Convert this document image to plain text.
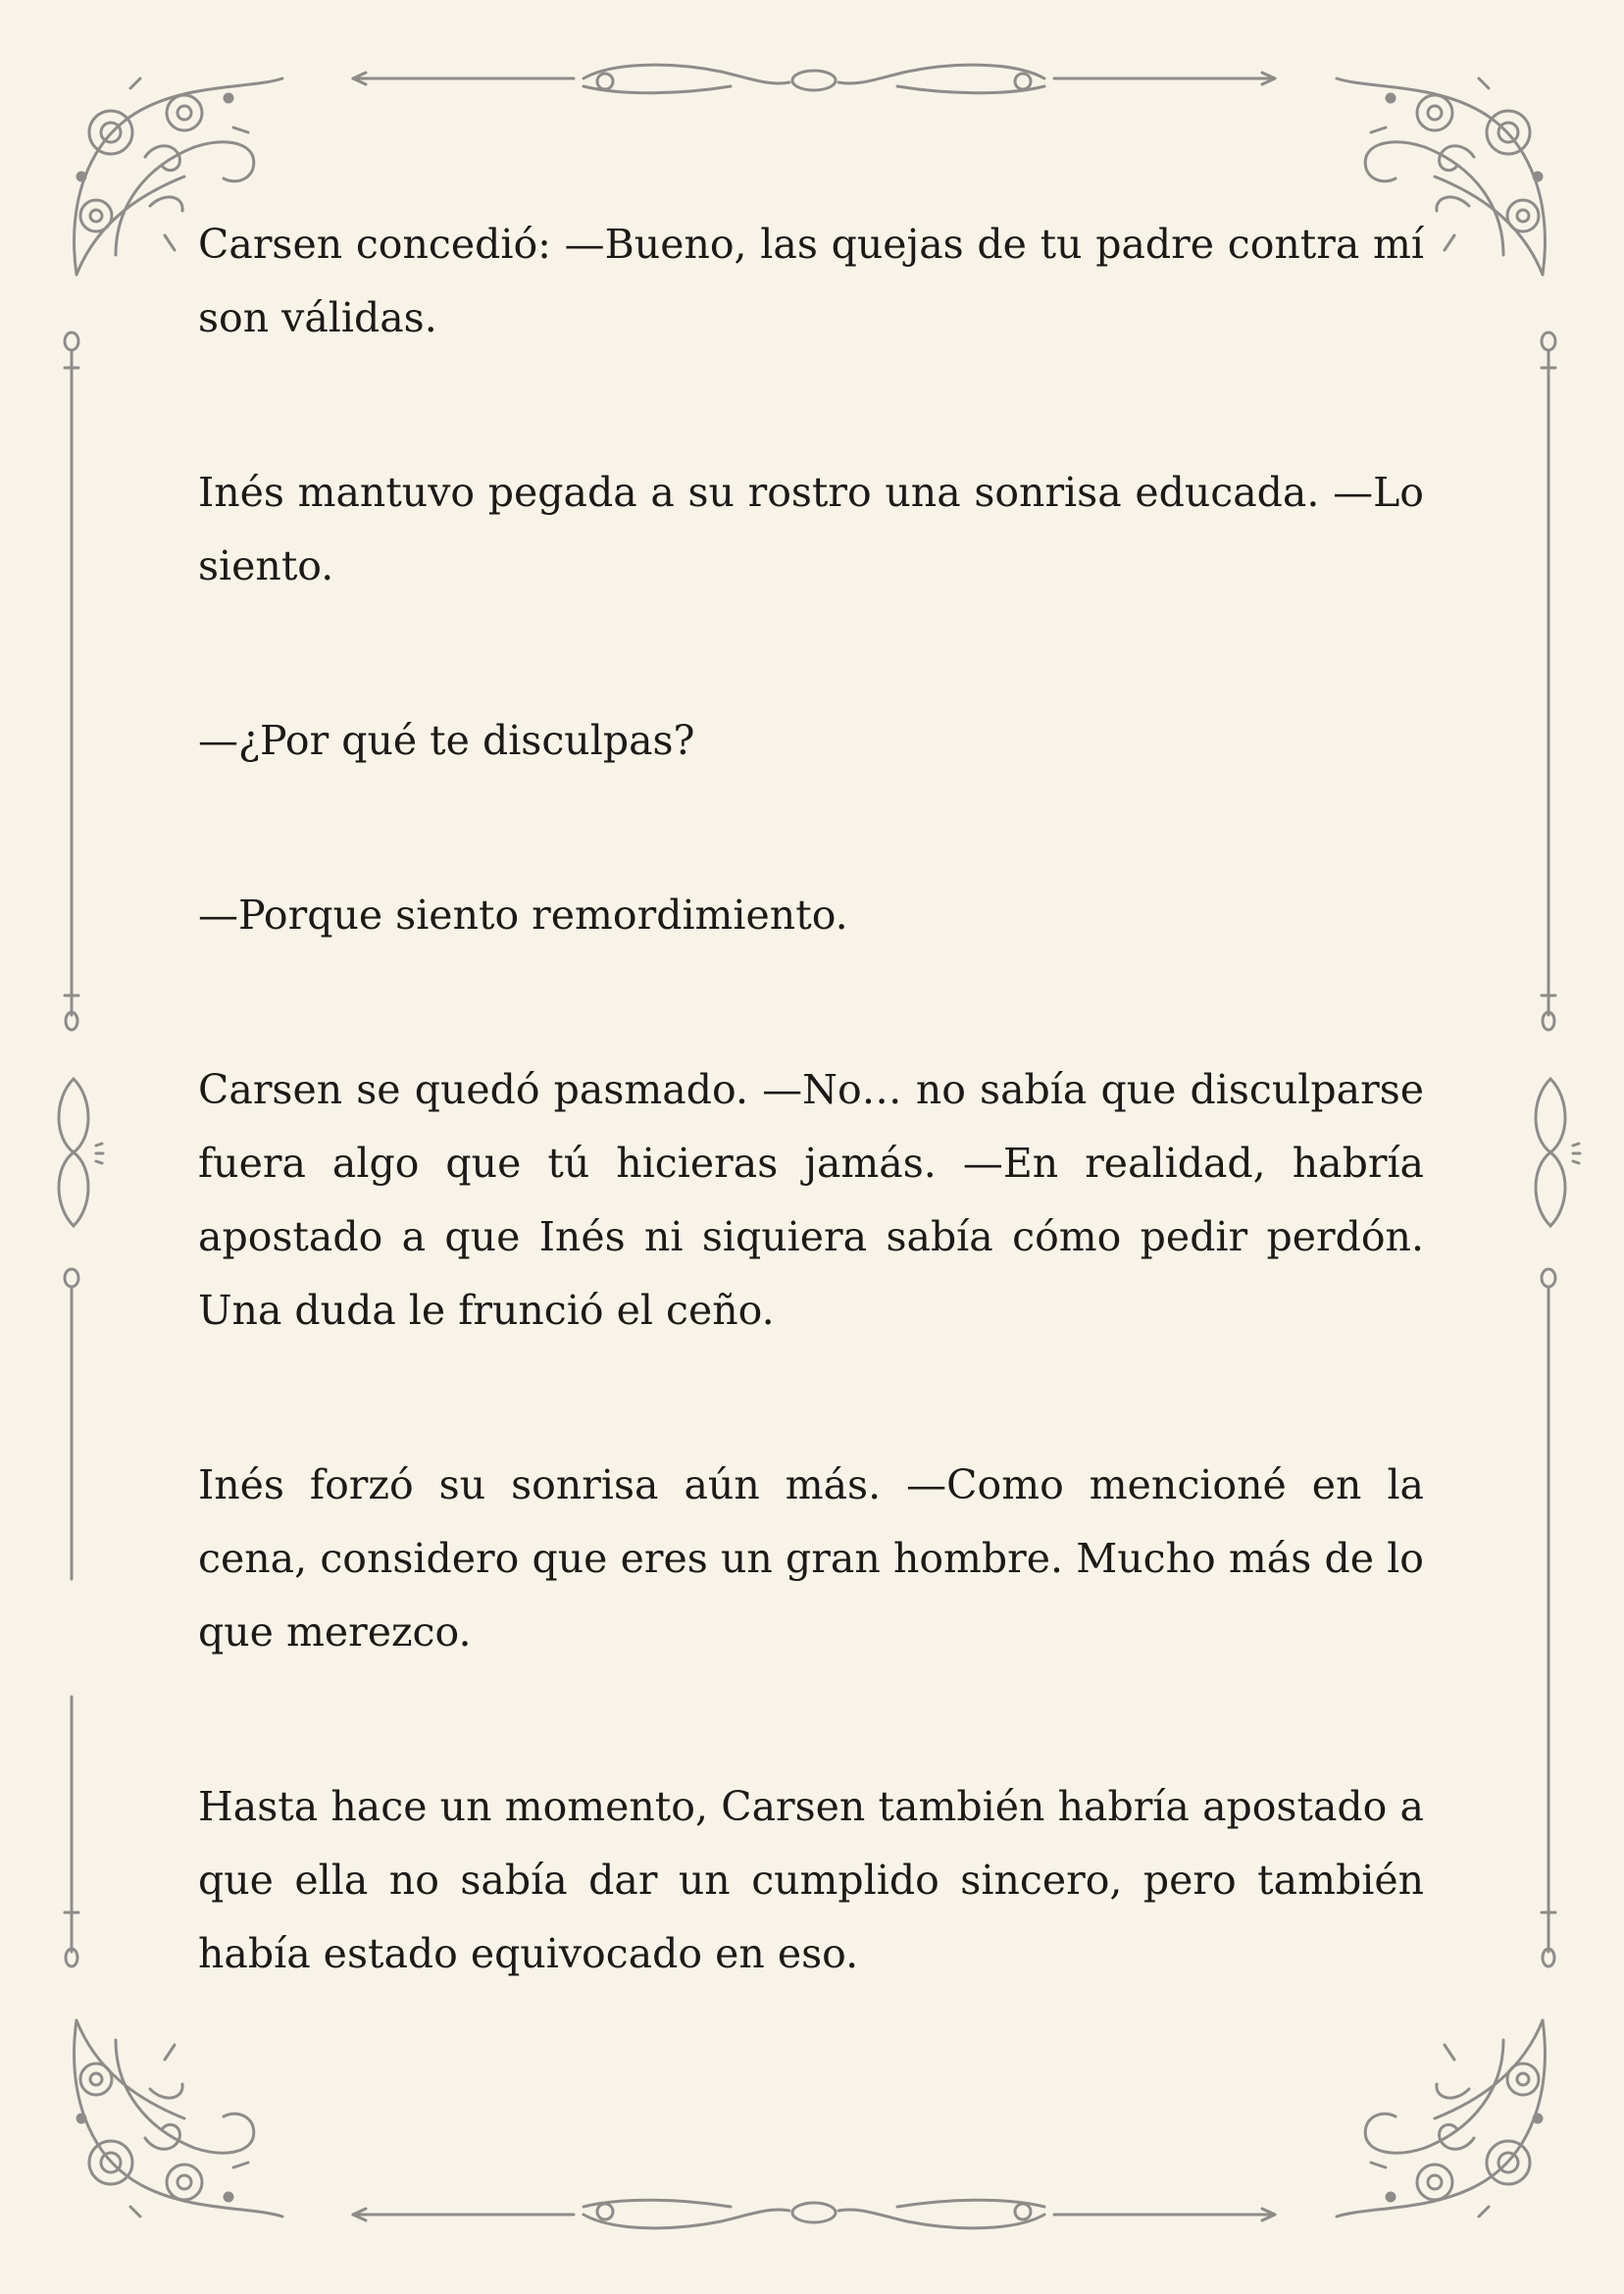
Carsen concedió: —Bueno, las quejas de tu padre contra mí son válidas.

Inés mantuvo pegada a su rostro una sonrisa educada. —Lo siento.

—¿Por qué te disculpas?

—Porque siento remordimiento.

Carsen se quedó pasmado. —No… no sabía que disculparse fuera algo que tú hicieras jamás. —En realidad, habría apostado a que Inés ni siquiera sabía cómo pedir perdón. Una duda le frunció el ceño.

Inés forzó su sonrisa aún más. —Como mencioné en la cena, considero que eres un gran hombre. Mucho más de lo que merezco.

Hasta hace un momento, Carsen también habría apostado a que ella no sabía dar un cumplido sincero, pero también había estado equivocado en eso.
